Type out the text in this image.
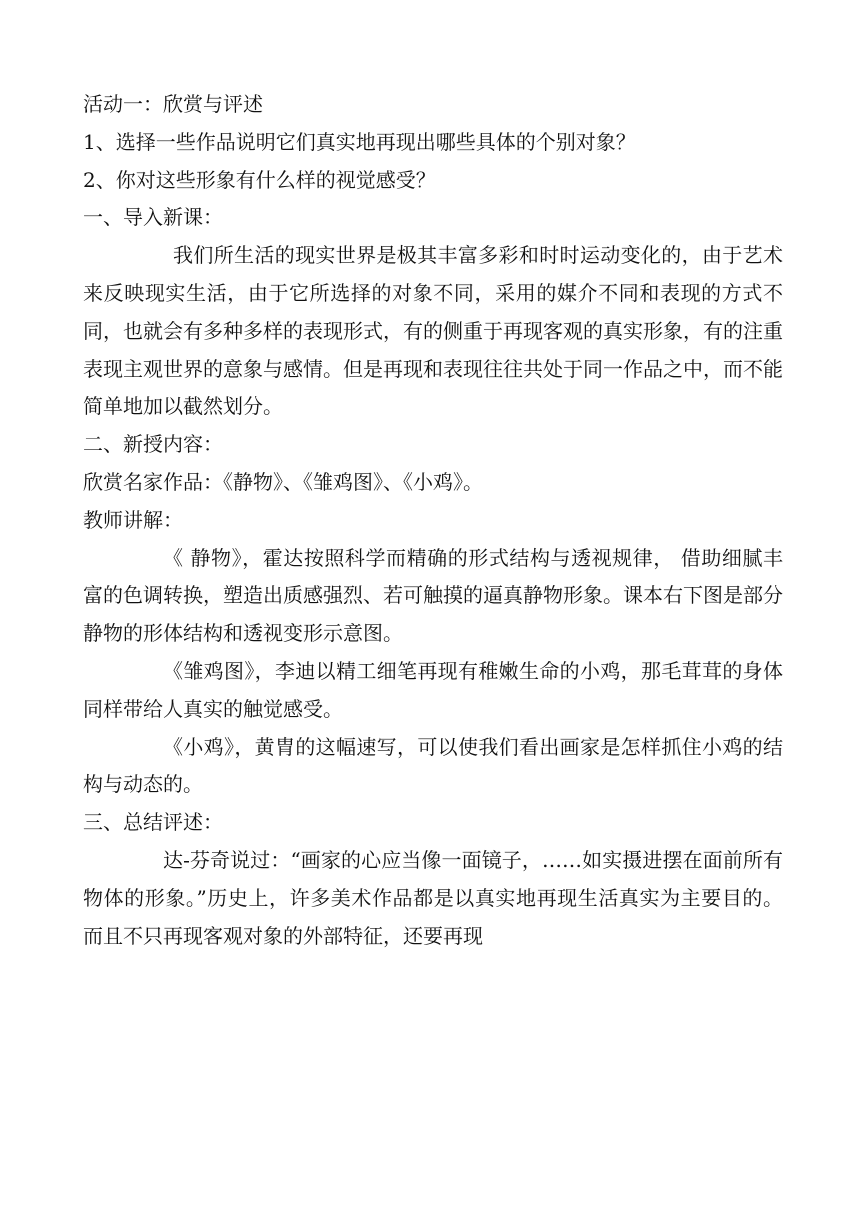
活动一：欣赏与评述

1、选择一些作品说明它们真实地再现出哪些具体的个别对象？

2、你对这些形象有什么样的视觉感受？

一、导入新课：

我们所生活的现实世界是极其丰富多彩和时时运动变化的，由于艺术来反映现实生活，由于它所选择的对象不同，采用的媒介不同和表现的方式不同，也就会有多种多样的表现形式，有的侧重于再现客观的真实形象，有的注重表现主观世界的意象与感情。但是再现和表现往往共处于同一作品之中，而不能简单地加以截然划分。

二、新授内容：

欣赏名家作品：《静物》、《雏鸡图》、《小鸡》。

教师讲解：

《 静物》，霍达按照科学而精确的形式结构与透视规律， 借助细腻丰富的色调转换，塑造出质感强烈、若可触摸的逼真静物形象。课本右下图是部分静物的形体结构和透视变形示意图。

《雏鸡图》，李迪以精工细笔再现有稚嫩生命的小鸡，那毛茸茸的身体同样带给人真实的触觉感受。

《小鸡》，黄胄的这幅速写，可以使我们看出画家是怎样抓住小鸡的结构与动态的。

三、总结评述：

达-芬奇说过：“画家的心应当像一面镜子，……如实摄进摆在面前所有物体的形象。”历史上，许多美术作品都是以真实地再现生活真实为主要目的。而且不只再现客观对象的外部特征，还要再现
